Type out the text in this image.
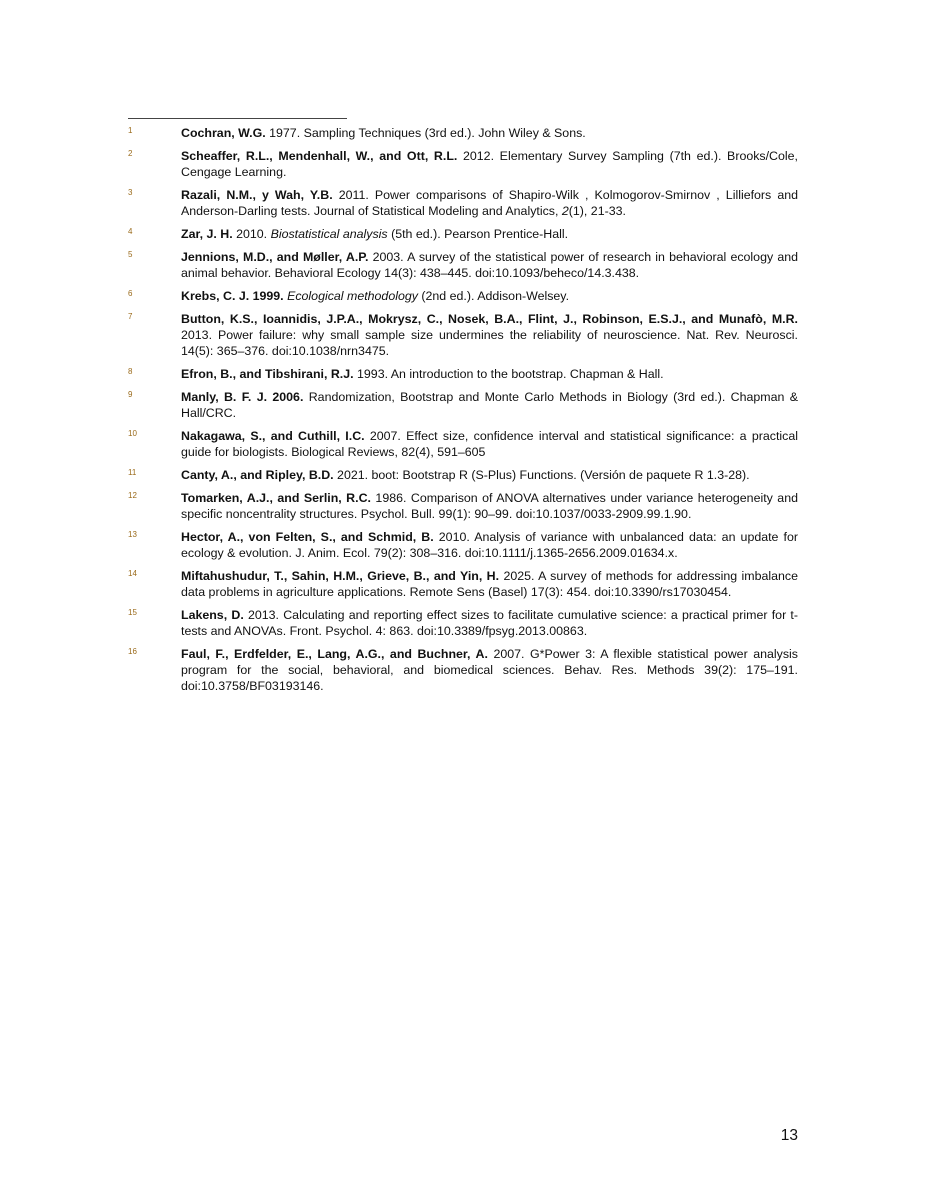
1	Cochran, W.G. 1977. Sampling Techniques (3rd ed.). John Wiley & Sons.
2	Scheaffer, R.L., Mendenhall, W., and Ott, R.L. 2012. Elementary Survey Sampling (7th ed.). Brooks/Cole, Cengage Learning.
3	Razali, N.M., y Wah, Y.B. 2011. Power comparisons of Shapiro-Wilk , Kolmogorov-Smirnov , Lilliefors and Anderson-Darling tests. Journal of Statistical Modeling and Analytics, 2(1), 21-33.
4	Zar, J. H. 2010. Biostatistical analysis (5th ed.). Pearson Prentice-Hall.
5	Jennions, M.D., and Møller, A.P. 2003. A survey of the statistical power of research in behavioral ecology and animal behavior. Behavioral Ecology 14(3): 438–445. doi:10.1093/beheco/14.3.438.
6	Krebs, C. J. 1999. Ecological methodology (2nd ed.). Addison-Welsey.
7	Button, K.S., Ioannidis, J.P.A., Mokrysz, C., Nosek, B.A., Flint, J., Robinson, E.S.J., and Munafò, M.R. 2013. Power failure: why small sample size undermines the reliability of neuroscience. Nat. Rev. Neurosci. 14(5): 365–376. doi:10.1038/nrn3475.
8	Efron, B., and Tibshirani, R.J. 1993. An introduction to the bootstrap. Chapman & Hall.
9	Manly, B. F. J. 2006. Randomization, Bootstrap and Monte Carlo Methods in Biology (3rd ed.). Chapman & Hall/CRC.
10	Nakagawa, S., and Cuthill, I.C. 2007. Effect size, confidence interval and statistical significance: a practical guide for biologists. Biological Reviews, 82(4), 591–605
11	Canty, A., and Ripley, B.D. 2021. boot: Bootstrap R (S-Plus) Functions. (Versión de paquete R 1.3-28).
12	Tomarken, A.J., and Serlin, R.C. 1986. Comparison of ANOVA alternatives under variance heterogeneity and specific noncentrality structures. Psychol. Bull. 99(1): 90–99. doi:10.1037/0033-2909.99.1.90.
13	Hector, A., von Felten, S., and Schmid, B. 2010. Analysis of variance with unbalanced data: an update for ecology & evolution. J. Anim. Ecol. 79(2): 308–316. doi:10.1111/j.1365-2656.2009.01634.x.
14	Miftahushudur, T., Sahin, H.M., Grieve, B., and Yin, H. 2025. A survey of methods for addressing imbalance data problems in agriculture applications. Remote Sens (Basel) 17(3): 454. doi:10.3390/rs17030454.
15	Lakens, D. 2013. Calculating and reporting effect sizes to facilitate cumulative science: a practical primer for t-tests and ANOVAs. Front. Psychol. 4: 863. doi:10.3389/fpsyg.2013.00863.
16	Faul, F., Erdfelder, E., Lang, A.G., and Buchner, A. 2007. G*Power 3: A flexible statistical power analysis program for the social, behavioral, and biomedical sciences. Behav. Res. Methods 39(2): 175–191. doi:10.3758/BF03193146.
13
